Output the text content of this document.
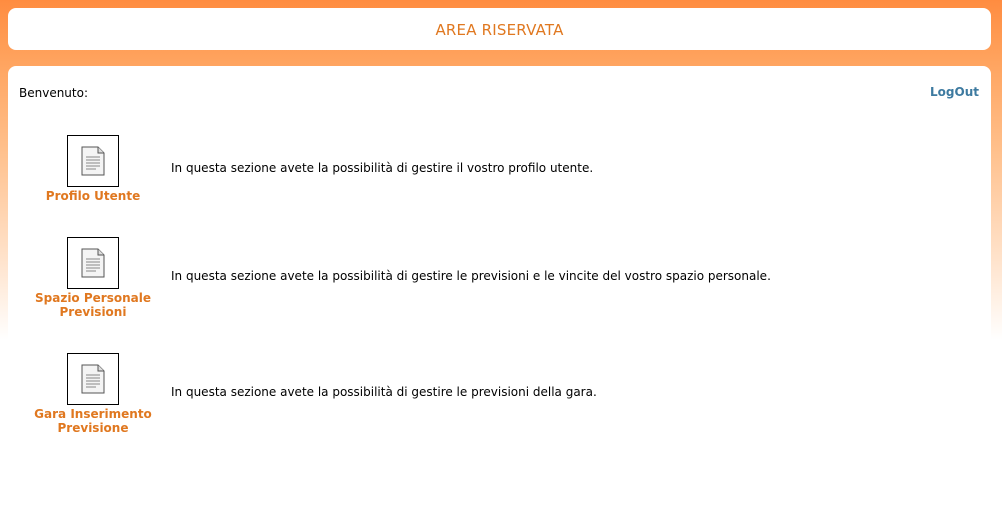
AREA RISERVATA
Benvenuto:	LogOut
Profilo Utente
In questa sezione avete la possibilità di gestire il vostro profilo utente.
Spazio Personale
Previsioni
In questa sezione avete la possibilità di gestire le previsioni e le vincite del vostro spazio personale.
Gara Inserimento
Previsione
In questa sezione avete la possibilità di gestire le previsioni della gara.
